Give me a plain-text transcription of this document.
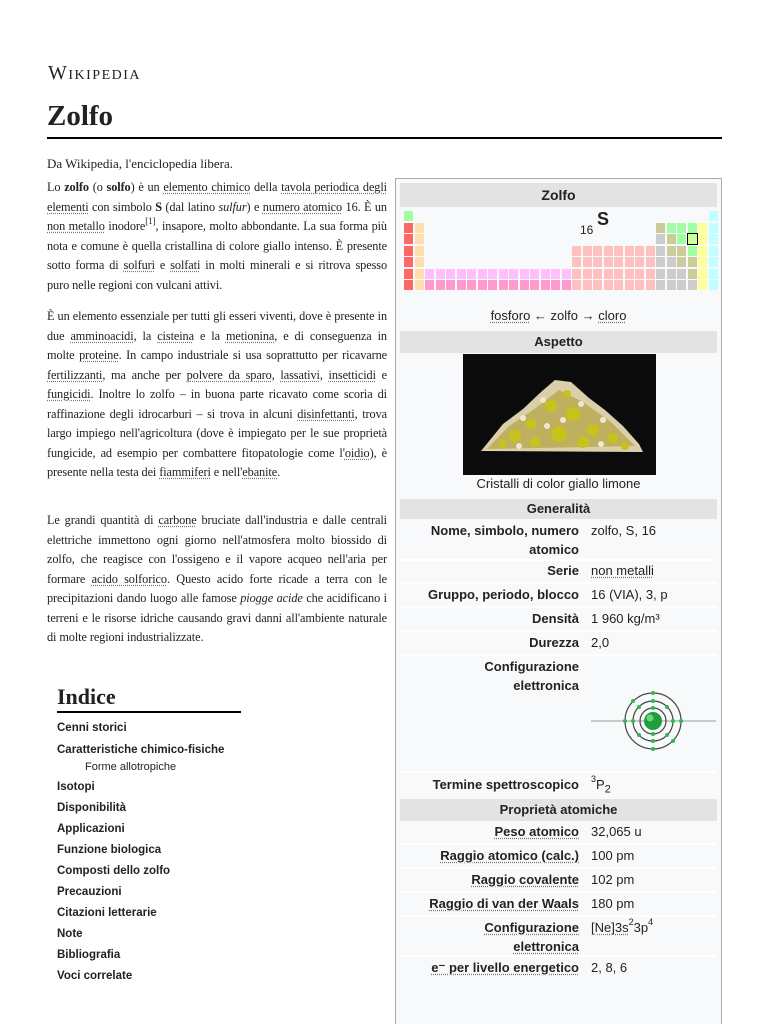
Wikipedia
Zolfo
Da Wikipedia, l'enciclopedia libera.

Lo zolfo (o solfo) è un elemento chimico della tavola periodica degli elementi con simbolo S (dal latino sulfur) e numero atomico 16. È un non metallo inodore[1], insapore, molto abbondante. La sua forma più nota e comune è quella cristallina di colore giallo intenso. È presente sotto forma di solfuri e solfati in molti minerali e si ritrova spesso puro nelle regioni con vulcani attivi.

È un elemento essenziale per tutti gli esseri viventi, dove è presente in due amminoacidi, la cisteina e la metionina, e di conseguenza in molte proteine. In campo industriale si usa soprattutto per ricavarne fertilizzanti, ma anche per polvere da sparo, lassativi, insetticidi e fungicidi. Inoltre lo zolfo – in buona parte ricavato come scoria di raffinazione degli idrocarburi – si trova in alcuni disinfettanti, trova largo impiego nell'agricoltura (dove è impiegato per le sue proprietà fungicide, ad esempio per combattere fitopatologie come l'oidio), è presente nella testa dei fiammiferi e nell'ebanite.

Le grandi quantità di carbone bruciate dall'industria e dalle centrali elettriche immettono ogni giorno nell'atmosfera molto biossido di zolfo, che reagisce con l'ossigeno e il vapore acqueo nell'aria per formare acido solforico. Questo acido forte ricade a terra con le precipitazioni dando luogo alle famose piogge acide che acidificano i terreni e le risorse idriche causando gravi danni all'ambiente naturale di molte regioni industrializzate.

Indice
Cenni storici
Caratteristiche chimico-fisiche
Forme allotropiche
Isotopi
Disponibilità
Applicazioni
Funzione biologica
Composti dello zolfo
Precauzioni
Citazioni letterarie
Note
Bibliografia
Voci correlate
Zolfo
16
S
fosforo ← zolfo → cloro
Aspetto
Cristalli di color giallo limone
Generalità
Nome, simbolo, numero atomico
zolfo, S, 16
Serie non metalli
Gruppo, periodo, blocco 16 (VIA), 3, p
Densità 1 960 kg/m³
Durezza 2,0
Configurazione elettronica
Termine spettroscopico $^3P_2$
Proprietà atomiche
Peso atomico 32,065 u
Raggio atomico (calc.) 100 pm
Raggio covalente 102 pm
Raggio di van der Waals 180 pm
Configurazione elettronica
$[Ne]3s^23p^4$
e⁻ per livello energetico 2, 8, 6
